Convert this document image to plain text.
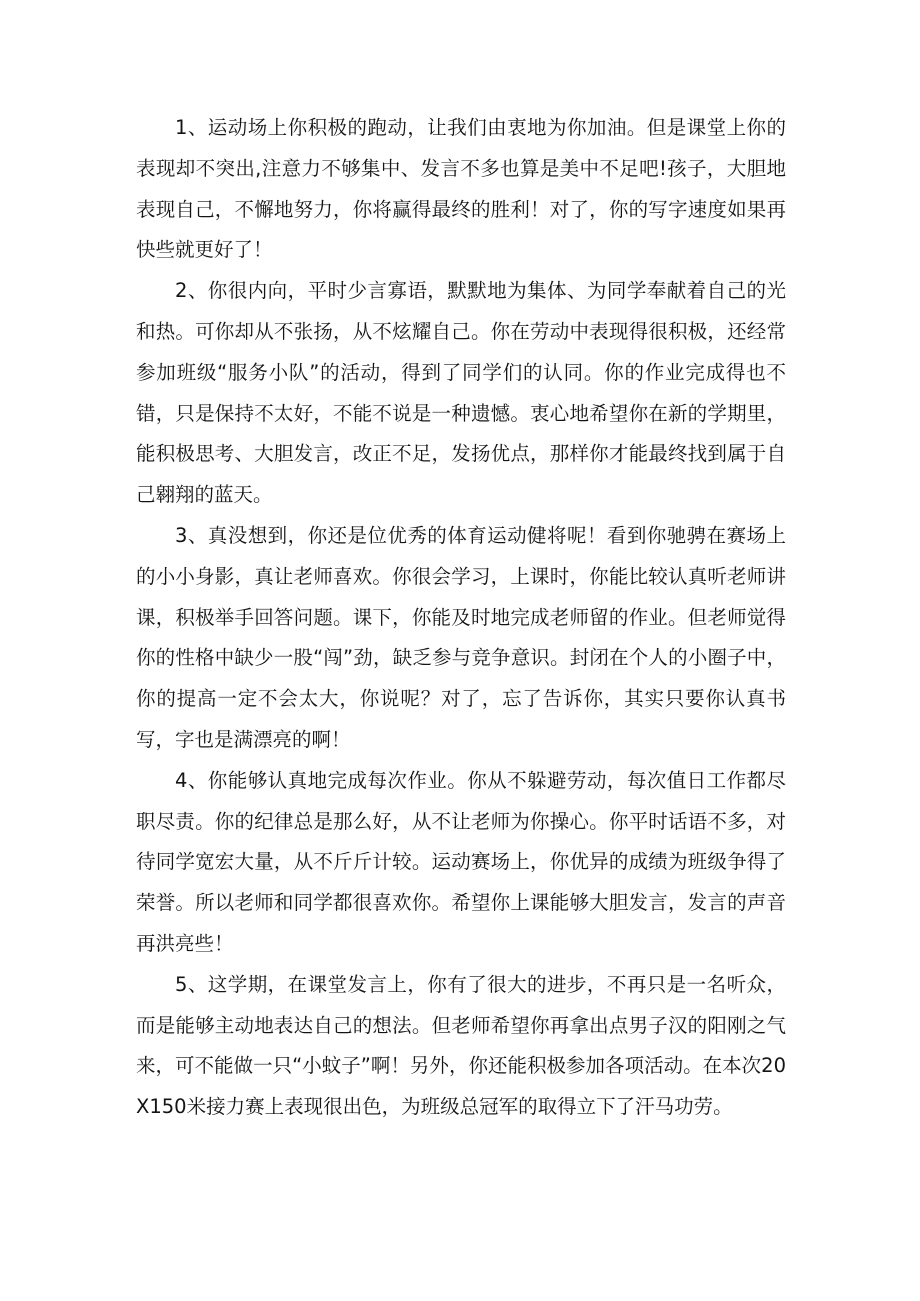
1、运动场上你积极的跑动，让我们由衷地为你加油。但是课堂上你的表现却不突出,注意力不够集中、发言不多也算是美中不足吧!孩子，大胆地表现自己，不懈地努力，你将赢得最终的胜利！对了，你的写字速度如果再快些就更好了！

2、你很内向，平时少言寡语，默默地为集体、为同学奉献着自己的光和热。可你却从不张扬，从不炫耀自己。你在劳动中表现得很积极，还经常参加班级“服务小队”的活动，得到了同学们的认同。你的作业完成得也不错，只是保持不太好，不能不说是一种遗憾。衷心地希望你在新的学期里，能积极思考、大胆发言，改正不足，发扬优点，那样你才能最终找到属于自己翱翔的蓝天。

3、真没想到，你还是位优秀的体育运动健将呢！看到你驰骋在赛场上的小小身影，真让老师喜欢。你很会学习，上课时，你能比较认真听老师讲课，积极举手回答问题。课下，你能及时地完成老师留的作业。但老师觉得你的性格中缺少一股“闯”劲，缺乏参与竞争意识。封闭在个人的小圈子中，你的提高一定不会太大，你说呢？对了，忘了告诉你，其实只要你认真书写，字也是满漂亮的啊！

4、你能够认真地完成每次作业。你从不躲避劳动，每次值日工作都尽职尽责。你的纪律总是那么好，从不让老师为你操心。你平时话语不多，对待同学宽宏大量，从不斤斤计较。运动赛场上，你优异的成绩为班级争得了荣誉。所以老师和同学都很喜欢你。希望你上课能够大胆发言，发言的声音再洪亮些！

5、这学期，在课堂发言上，你有了很大的进步，不再只是一名听众，而是能够主动地表达自己的想法。但老师希望你再拿出点男子汉的阳刚之气来，可不能做一只“小蚊子”啊！另外，你还能积极参加各项活动。在本次20X150米接力赛上表现很出色，为班级总冠军的取得立下了汗马功劳。
